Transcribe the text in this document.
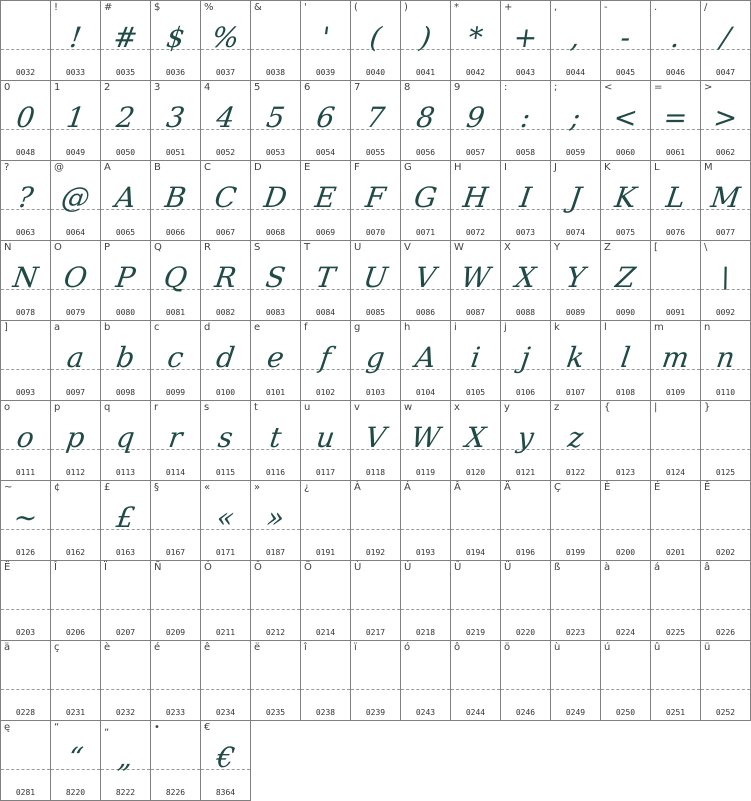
0032
!
!
0033
#
#
0035
$
$
0036
%
%
0037
&
0038
'
'
0039
(
(
0040
)
)
0041
*
*
0042
+
+
0043
,
,
0044
-
-
0045
.
.
0046
/
/
0047
0
0
0048
1
1
0049
2
2
0050
3
3
0051
4
4
0052
5
5
0053
6
6
0054
7
7
0055
8
8
0056
9
9
0057
:
:
0058
;
;
0059
<
<
0060
=
=
0061
>
>
0062
?
?
0063
@
@
0064
A
A
0065
B
B
0066
C
C
0067
D
D
0068
E
E
0069
F
F
0070
G
G
0071
H
H
0072
I
I
0073
J
J
0074
K
K
0075
L
L
0076
M
M
0077
N
N
0078
O
O
0079
P
P
0080
Q
Q
0081
R
R
0082
S
S
0083
T
T
0084
U
U
0085
V
V
0086
W
W
0087
X
X
0088
Y
Y
0089
Z
Z
0090
[
0091
\
\
0092
]
0093
a
a
0097
b
b
0098
c
c
0099
d
d
0100
e
e
0101
f
f
0102
g
g
0103
h
A
0104
i
i
0105
j
j
0106
k
k
0107
l
l
0108
m
m
0109
n
n
0110
o
o
0111
p
p
0112
q
q
0113
r
r
0114
s
s
0115
t
t
0116
u
u
0117
v
V
0118
w
W
0119
x
X
0120
y
y
0121
z
z
0122
{
0123
|
0124
}
0125
~
~
0126
¢
0162
£
£
0163
§
0167
«
«
0171
»
»
0187
¿
0191
À
0192
Á
0193
Â
0194
Ä
0196
Ç
0199
È
0200
É
0201
Ê
0202
Ë
0203
Î
0206
Ï
0207
Ñ
0209
Ó
0211
Ô
0212
Ö
0214
Ù
0217
Ú
0218
Û
0219
Ü
0220
ß
0223
à
0224
á
0225
â
0226
ä
0228
ç
0231
è
0232
é
0233
ê
0234
ë
0235
î
0238
ï
0239
ó
0243
ô
0244
ö
0246
ù
0249
ú
0250
û
0251
ü
0252
ę
0281
“
“
8220
„
„
8222
•
8226
€
€
8364
